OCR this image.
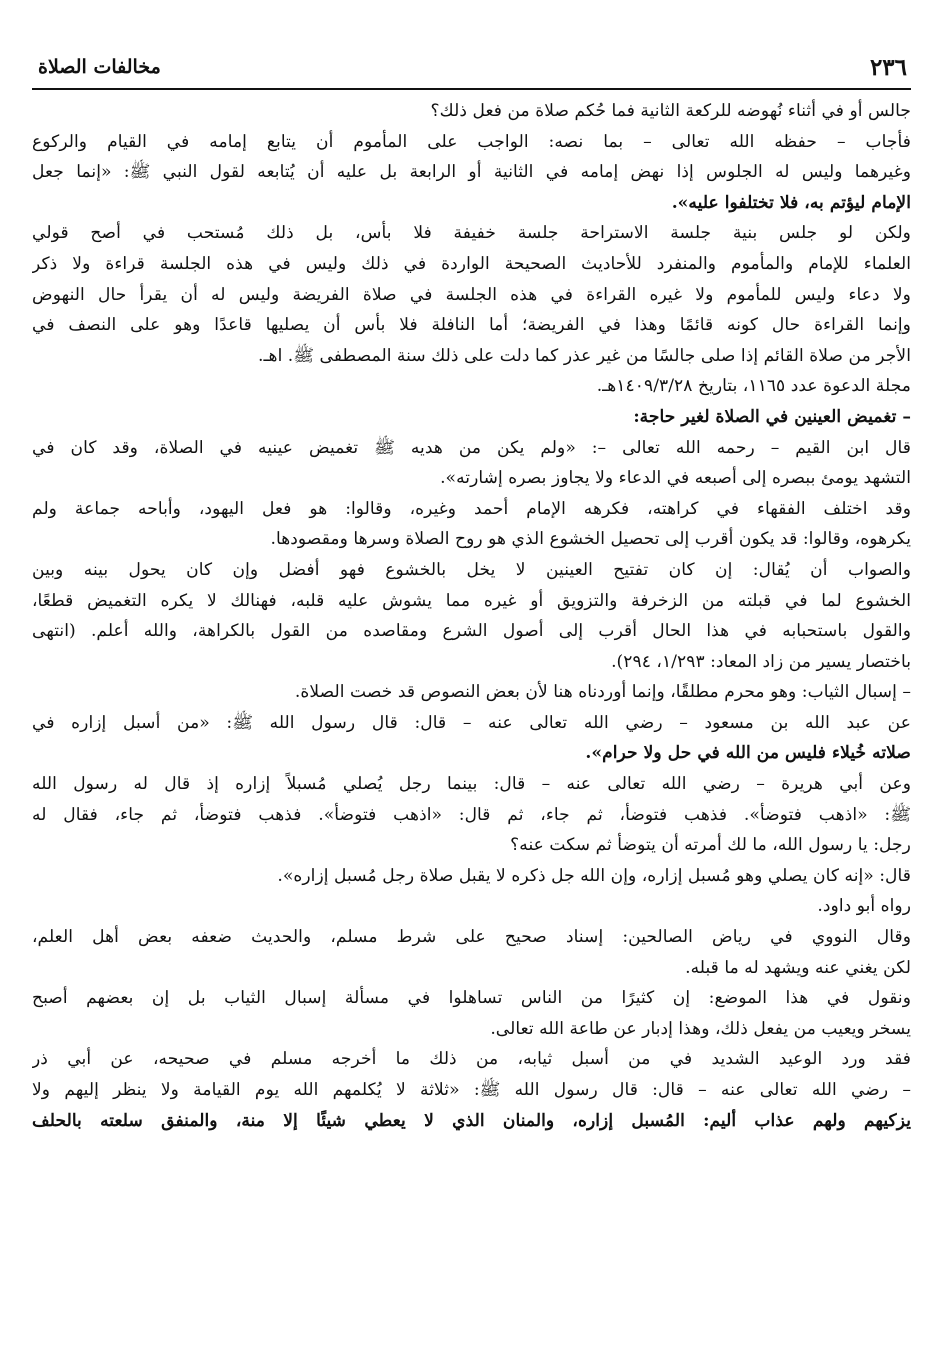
٢٣٦
مخالفات الصلاة
جالس أو في أثناء نُهوضه للركعة الثانية فما حُكم صلاة من فعل ذلك؟
فأجاب – حفظه الله تعالى – بما نصه: الواجب على المأموم أن يتابع إمامه في القيام والركوع
وغيرهما وليس له الجلوس إذا نهض إمامه في الثانية أو الرابعة بل عليه أن يُتابعه لقول النبي ﷺ: «إنما جعل
الإمام ليؤتم به، فلا تختلفوا عليه».
ولكن لو جلس بنية جلسة الاستراحة جلسة خفيفة فلا بأس، بل ذلك مُستحب في أصح قولي
العلماء للإمام والمأموم والمنفرد للأحاديث الصحيحة الواردة في ذلك وليس في هذه الجلسة قراءة ولا ذكر
ولا دعاء وليس للمأموم ولا غيره القراءة في هذه الجلسة في صلاة الفريضة وليس له أن يقرأ حال النهوض
وإنما القراءة حال كونه قائمًا وهذا في الفريضة؛ أما النافلة فلا بأس أن يصليها قاعدًا وهو على النصف في
الأجر من صلاة القائم إذا صلى جالسًا من غير عذر كما دلت على ذلك سنة المصطفى ﷺ. اهـ.
مجلة الدعوة عدد ١١٦٥، بتاريخ ١٤٠٩/٣/٢٨هـ.
– تغميض العينين في الصلاة لغير حاجة:
قال ابن القيم – رحمه الله تعالى –: «ولم يكن من هديه ﷺ تغميض عينيه في الصلاة، وقد كان في
التشهد يومئ ببصره إلى أصبعه في الدعاء ولا يجاوز بصره إشارته».
وقد اختلف الفقهاء في كراهته، فكرهه الإمام أحمد وغيره، وقالوا: هو فعل اليهود، وأباحه جماعة ولم
يكرهوه، وقالوا: قد يكون أقرب إلى تحصيل الخشوع الذي هو روح الصلاة وسرها ومقصودها.
والصواب أن يُقال: إن كان تفتيح العينين لا يخل بالخشوع فهو أفضل وإن كان يحول بينه وبين
الخشوع لما في قبلته من الزخرفة والتزويق أو غيره مما يشوش عليه قلبه، فهنالك لا يكره التغميض قطعًا،
والقول باستحبابه في هذا الحال أقرب إلى أصول الشرع ومقاصده من القول بالكراهة، والله أعلم. (انتهى
باختصار يسير من زاد المعاد: ١/٢٩٣، ٢٩٤).
– إسبال الثياب: وهو محرم مطلقًا، وإنما أوردناه هنا لأن بعض النصوص قد خصت الصلاة.
عن عبد الله بن مسعود – رضي الله تعالى عنه – قال: قال رسول الله ﷺ: «من أسبل إزاره في
صلاته خُيلاء فليس من الله في حل ولا حرام».
وعن أبي هريرة – رضي الله تعالى عنه – قال: بينما رجل يُصلي مُسبلاً إزاره إذ قال له رسول الله
ﷺ: «اذهب فتوضأ». فذهب فتوضأ، ثم جاء، ثم قال: «اذهب فتوضأ». فذهب فتوضأ، ثم جاء، فقال له
رجل: يا رسول الله، ما لك أمرته أن يتوضأ ثم سكت عنه؟
قال: «إنه كان يصلي وهو مُسبل إزاره، وإن الله جل ذكره لا يقبل صلاة رجل مُسبل إزاره».
رواه أبو داود.
وقال النووي في رياض الصالحين: إسناد صحيح على شرط مسلم، والحديث ضعفه بعض أهل العلم،
لكن يغني عنه ويشهد له ما قبله.
ونقول في هذا الموضع: إن كثيرًا من الناس تساهلوا في مسألة إسبال الثياب بل إن بعضهم أصبح
يسخر ويعيب من يفعل ذلك، وهذا إدبار عن طاعة الله تعالى.
فقد ورد الوعيد الشديد في من أسبل ثيابه، من ذلك ما أخرجه مسلم في صحيحه، عن أبي ذر
– رضي الله تعالى عنه – قال: قال رسول الله ﷺ: «ثلاثة لا يُكلمهم الله يوم القيامة ولا ينظر إليهم ولا
يزكيهم ولهم عذاب أليم: المُسبل إزاره، والمنان الذي لا يعطي شيئًا إلا منة، والمنفق سلعته بالحلف
